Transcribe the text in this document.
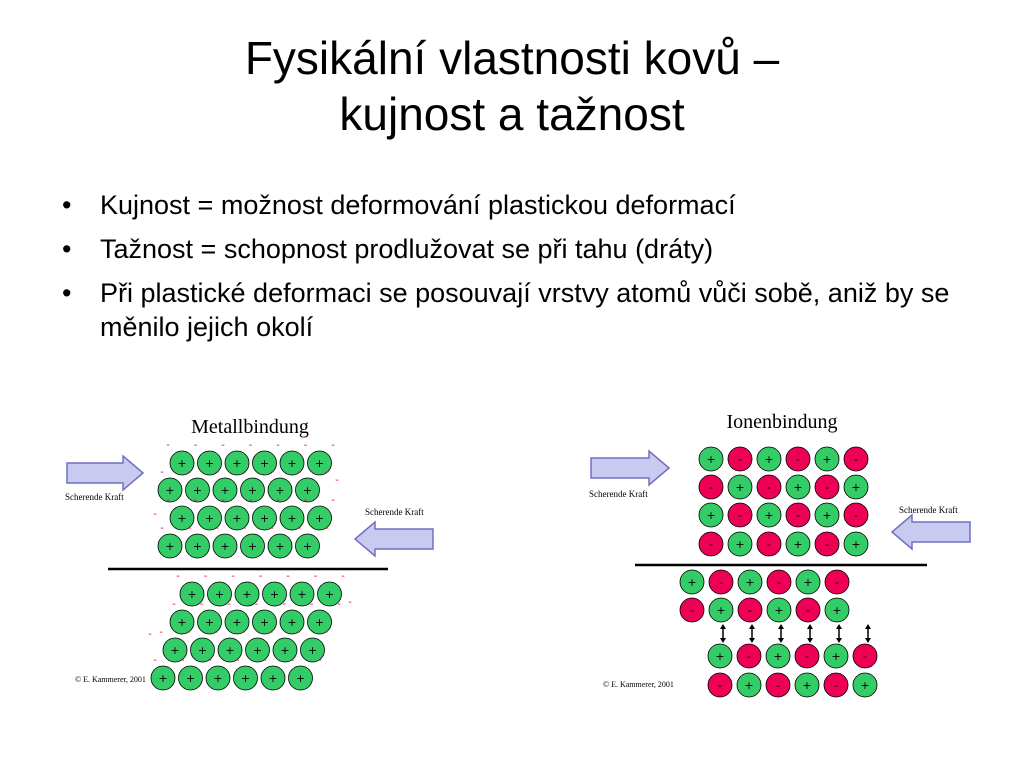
Fysikální vlastnosti kovů –
kujnost a tažnost
• Kujnost = možnost deformování plastickou deformací
• Tažnost = schopnost prodlužovat se při tahu (dráty)
• Při plastické deformaci se posouvají vrstvy atomů vůči sobě, aniž by se měnilo jejich okolí
Metallbindung
+ + + + + +
- - - - - - -
+ + + + + +
- - - - - - -
+ + + + + +
- - - - - - -
+ + + + + +
- - - - - - -
+ + + + + +
- - - - - - -
+ + + + + +
- - - - - - -
+ + + + + +
- - - - - - -
+ + + + + +
- - - - - - -
-
-
-
-
Scherende Kraft
Scherende Kraft
© E. Kammerer, 2001
Ionenbindung
+ - + - + -
- + - + - +
+ - + - + -
- + - + - +
+ - + - + -
- + - + - +
+ - + - + -
- + - + - +
Scherende Kraft
Scherende Kraft
© E. Kammerer, 2001
